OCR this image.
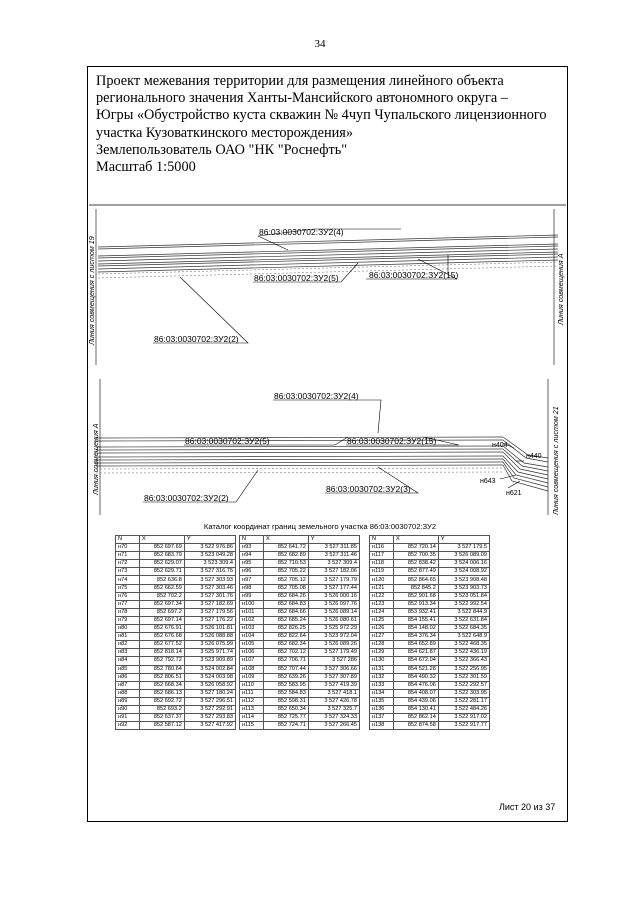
34
Проект межевания территории для размещения линейного объекта
регионального значения Ханты-Мансийского автономного округа –
Югры «Обустройство куста скважин № 4чуп Чупальского лицензионного
участка Кузоваткинского месторождения»
Землепользователь ОАО "НК "Роснефть"
Масштаб 1:5000
86:03:0030702:ЗУ2(4)
86:03:0030702:ЗУ2(5)	86:03:0030702:ЗУ2(15)
86:03:0030702:ЗУ2(2)
Линия совмещения с листом 19	Линия совмещения А
86:03:0030702:ЗУ2(4)
86:03:0030702:ЗУ2(5)	86:03:0030702:ЗУ2(15)
86:03:0030702:ЗУ2(2)
86:03:0030702:ЗУ2(3)
н404
н440
н643
н621
Линия совмещения А	Линия совмещения с листом 21
Каталог координат границ земельного участка 86:03:0030702:ЗУ2
N	X	Y
н70	852 697.69	3 522 976.86
н71	852 683.79	3 523 049.28
н72	852 629.07	3 523 309.4
н73	852 629.71	3 527 316.75
н74	852 636.8	3 527 303.93
н75	852 662.59	3 527 303.46
н76	852 702.2	3 527 301.76
н77	852 697.34	3 527 182.69
н78	852 697.2	3 527 179.56
н79	852 697.14	3 527 176.22
н80	852 676.91	3 526 101.81
н81	852 676.68	3 526 088.88
н82	852 677.52	3 526 075.99
н83	852 818.14	3 525 971.74
н84	852 792.72	3 523 909.89
н85	852 780.64	3 524 002.84
н86	852 806.51	3 524 003.98
н87	852 668.34	3 526 058.92
н88	852 686.13	3 527 180.24
н89	852 692.72	3 527 296.51
н90	852 693.2	3 527 292.91
н91	852 637.37	3 527 293.83
н92	852 587.12	3 527 417.92
N	X	Y
н93	852 641.72	3 527 311.85
н94	852 682.89	3 527 311.46
н95	852 710.53	3 527 309.4
н96	852 705.22	3 527 182.06
н97	852 705.12	3 527 179.79
н98	852 705.08	3 527 177.44
н99	852 684.26	3 526 000.16
н100	852 684.83	3 526 097.76
н101	852 684.66	3 526 089.14
н102	852 685.24	3 526 080.61
н103	852 826.25	3 525 972.29
н104	852 822.64	3 523 972.04
н105	852 682.34	3 526 089.26
н106	852 702.12	3 527 179.49
н107	852 706.71	3 527 286
н108	852 707.44	3 527 306.66
н109	852 639.26	3 527 307.89
н110	852 583.95	3 527 419.39
н111	852 584.83	3 527 418.1
н112	852 598.31	3 527 426.78
н113	852 650.34	3 527 325.7
н114	852 725.77	3 527 324.33
н115	852 724.71	3 527 266.45
N	X	Y
н116	852 720.14	3 527 179.5
н117	852 700.35	3 526 089.09
н118	852 838.42	3 524 006.16
н119	852 877.49	3 524 008.92
н120	852 864.65	3 523 908.48
н121	852 845.2	3 523 903.73
н122	852 901.68	3 523 051.84
н123	852 913.34	3 522 992.54
н124	853 932.41	3 522 844.9
н125	854 155.41	3 522 631.84
н126	854 148.02	3 522 684.35
н127	854 376.34	3 522 648.9
н128	854 652.89	3 522 468.35
н129	854 621.87	3 522 436.19
н130	854 672.04	3 522 366.43
н131	854 521.28	3 522 256.95
н132	854 490.32	3 522 301.59
н133	854 476.06	3 522 292.57
н134	854 408.07	3 522 303.95
н135	854 439.06	3 522 281.17
н136	854 130.41	3 522 484.26
н137	852 862.14	3 522 917.02
н138	852 874.58	3 522 917.77
Лист 20 из 37
